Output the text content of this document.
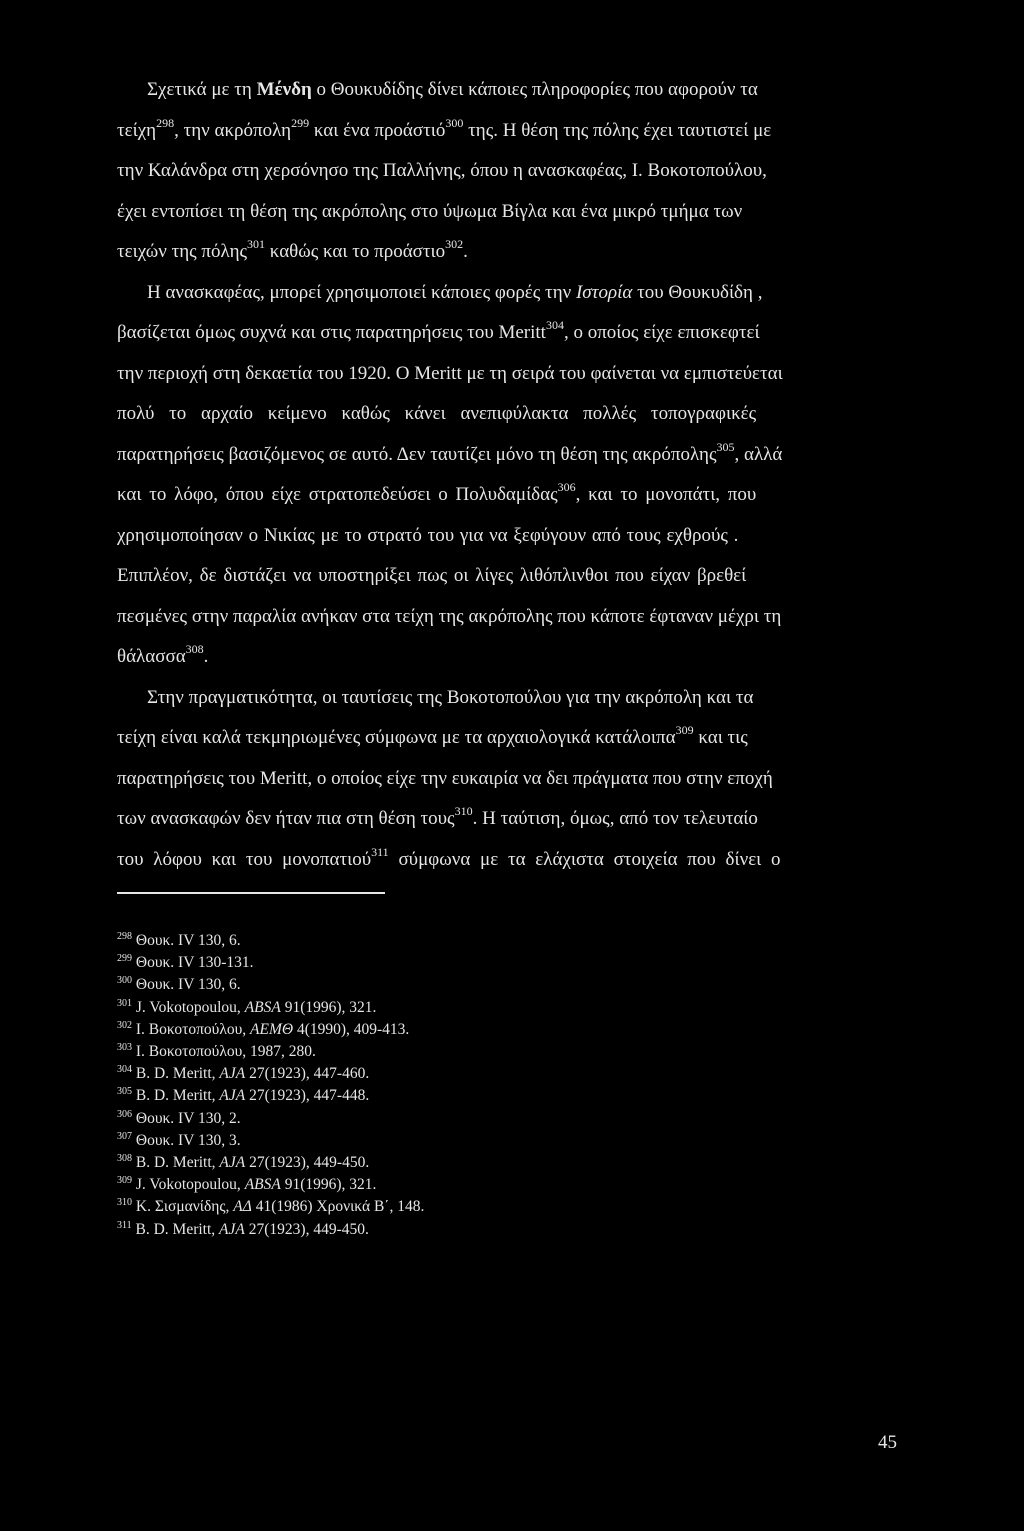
Σχετικά με τη Μένδη ο Θουκυδίδης δίνει κάποιες πληροφορίες που αφορούν τα
τείχη$^{298}$, την ακρόπολη$^{299}$ και ένα προάστιό$^{300}$ της. Η θέση της πόλης έχει ταυτιστεί με
την Καλάνδρα στη χερσόνησο της Παλλήνης, όπου η ανασκαφέας, Ι. Βοκοτοπούλου,
έχει εντοπίσει τη θέση της ακρόπολης στο ύψωμα Βίγλα και ένα μικρό τμήμα των
τειχών της πόλης$^{301}$ καθώς και το προάστιο$^{302}$.
Η ανασκαφέας, μπορεί χρησιμοποιεί κάποιες φορές την Ιστορία του Θουκυδίδη ,
βασίζεται όμως συχνά και στις παρατηρήσεις του Meritt$^{304}$, ο οποίος είχε επισκεφτεί
την περιοχή στη δεκαετία του 1920. Ο Meritt με τη σειρά του φαίνεται να εμπιστεύεται
πολύ το αρχαίο κείμενο καθώς κάνει ανεπιφύλακτα πολλές τοπογραφικές
παρατηρήσεις βασιζόμενος σε αυτό. Δεν ταυτίζει μόνο τη θέση της ακρόπολης$^{305}$, αλλά
και το λόφο, όπου είχε στρατοπεδεύσει ο Πολυδαμίδας$^{306}$, και το μονοπάτι, που
χρησιμοποίησαν ο Νικίας με το στρατό του για να ξεφύγουν από τους εχθρούς .
Επιπλέον, δε διστάζει να υποστηρίξει πως οι λίγες λιθόπλινθοι που είχαν βρεθεί
πεσμένες στην παραλία ανήκαν στα τείχη της ακρόπολης που κάποτε έφταναν μέχρι τη
θάλασσα$^{308}$.
Στην πραγματικότητα, οι ταυτίσεις της Βοκοτοπούλου για την ακρόπολη και τα
τείχη είναι καλά τεκμηριωμένες σύμφωνα με τα αρχαιολογικά κατάλοιπα$^{309}$ και τις
παρατηρήσεις του Meritt, ο οποίος είχε την ευκαιρία να δει πράγματα που στην εποχή
των ανασκαφών δεν ήταν πια στη θέση τους$^{310}$. Η ταύτιση, όμως, από τον τελευταίο
του λόφου και του μονοπατιού$^{311}$ σύμφωνα με τα ελάχιστα στοιχεία που δίνει ο
$^{298}$ Θουκ. IV 130, 6.
$^{299}$ Θουκ. IV 130-131.
$^{300}$ Θουκ. IV 130, 6.
$^{301}$ J. Vokotopoulou, ABSA 91(1996), 321.
$^{302}$ Ι. Βοκοτοπούλου, ΑΕΜΘ 4(1990), 409-413.
$^{303}$ Ι. Βοκοτοπούλου, 1987, 280.
$^{304}$ B. D. Meritt, AJA 27(1923), 447-460.
$^{305}$ B. D. Meritt, AJA 27(1923), 447-448.
$^{306}$ Θουκ. IV 130, 2.
$^{307}$ Θουκ. IV 130, 3.
$^{308}$ B. D. Meritt, AJA 27(1923), 449-450.
$^{309}$ J. Vokotopoulou, ABSA 91(1996), 321.
$^{310}$ Κ. Σισμανίδης, ΑΔ 41(1986) Χρονικά Β΄, 148.
$^{311}$ B. D. Meritt, AJA 27(1923), 449-450.
45
